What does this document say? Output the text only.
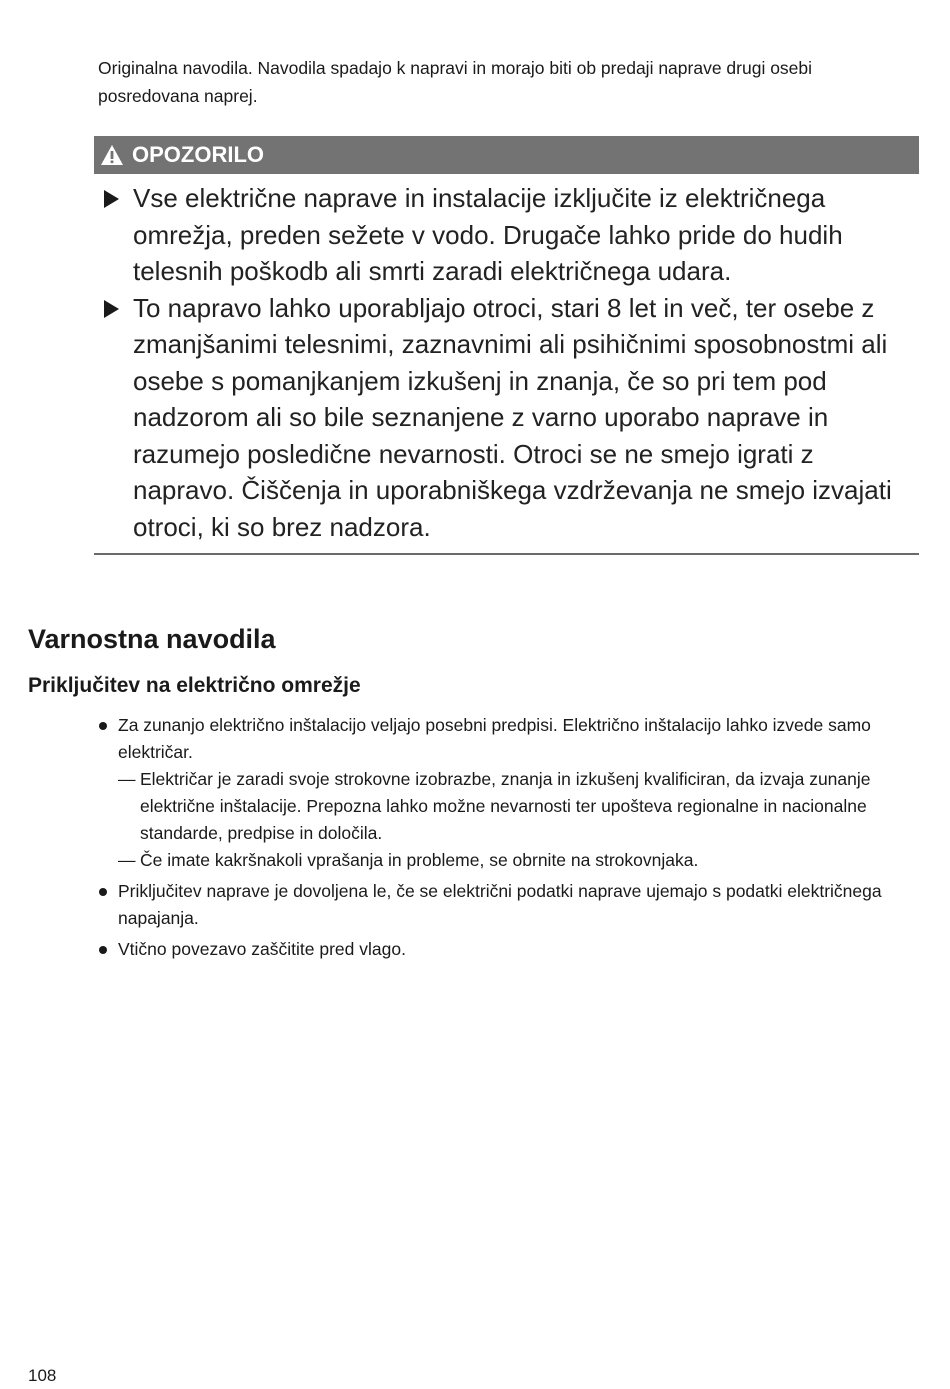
Originalna navodila. Navodila spadajo k napravi in morajo biti ob predaji naprave drugi osebi posredovana naprej.

OPOZORILO
Vse električne naprave in instalacije izključite iz električnega omrežja, preden sežete v vodo. Drugače lahko pride do hudih telesnih poškodb ali smrti zaradi električnega udara.
To napravo lahko uporabljajo otroci, stari 8 let in več, ter osebe z zmanjšanimi telesnimi, zaznavnimi ali psihičnimi sposobnostmi ali osebe s pomanjkanjem izkušenj in znanja, če so pri tem pod nadzorom ali so bile seznanjene z varno uporabo naprave in razumejo posledične nevarnosti. Otroci se ne smejo igrati z napravo. Čiščenja in uporabniškega vzdrževanja ne smejo izvajati otroci, ki so brez nadzora.
Varnostna navodila
Priključitev na električno omrežje
Za zunanjo električno inštalacijo veljajo posebni predpisi. Električno inštalacijo lahko izvede samo električar.
— Električar je zaradi svoje strokovne izobrazbe, znanja in izkušenj kvalificiran, da izvaja zunanje električne inštalacije. Prepozna lahko možne nevarnosti ter upošteva regionalne in nacionalne standarde, predpise in določila.
— Če imate kakršnakoli vprašanja in probleme, se obrnite na strokovnjaka.
Priključitev naprave je dovoljena le, če se električni podatki naprave ujemajo s podatki električnega napajanja.
Vtično povezavo zaščitite pred vlago.
108
